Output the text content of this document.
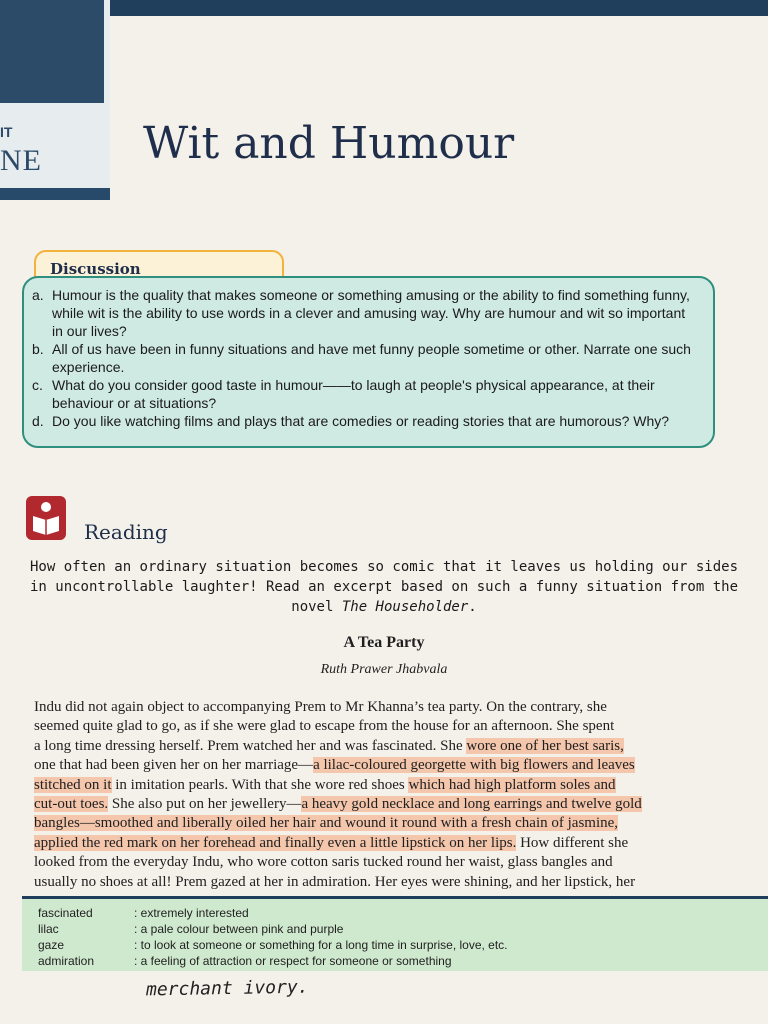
IT
NE Wit and Humour
a. Humour is the quality that makes someone or something amusing or the ability to find something funny, while wit is the ability to use words in a clever and amusing way. Why are humour and wit so important in our lives?
b. All of us have been in funny situations and have met funny people sometime or other. Narrate one such experience.
c. What do you consider good taste in humour——to laugh at people's physical appearance, at their behaviour or at situations?
d. Do you like watching films and plays that are comedies or reading stories that are humorous? Why?
Discussion
Reading
How often an ordinary situation becomes so comic that it leaves us holding our sides in uncontrollable laughter! Read an excerpt based on such a funny situation from the novel The Householder.
A Tea Party
Ruth Prawer Jhabvala

Indu did not again object to accompanying Prem to Mr Khanna’s tea party. On the contrary, she

seemed quite glad to go, as if she were glad to escape from the house for an afternoon. She spent

a long time dressing herself. Prem watched her and was fascinated. She wore one of her best saris,

one that had been given her on her marriage—a lilac-coloured georgette with big flowers and leaves

stitched on it in imitation pearls. With that she wore red shoes which had high platform soles and

cut-out toes. She also put on her jewellery—a heavy gold necklace and long earrings and twelve gold

bangles—smoothed and liberally oiled her hair and wound it round with a fresh chain of jasmine,

applied the red mark on her forehead and finally even a little lipstick on her lips. How different she

looked from the everyday Indu, who wore cotton saris tucked round her waist, glass bangles and

usually no shoes at all! Prem gazed at her in admiration. Her eyes were shining, and her lipstick, her

fascinated	: extremely interested
lilac	: a pale colour between pink and purple
gaze	: to look at someone or something for a long time in surprise, love, etc.
admiration	: a feeling of attraction or respect for someone or something
merchant ivory.
